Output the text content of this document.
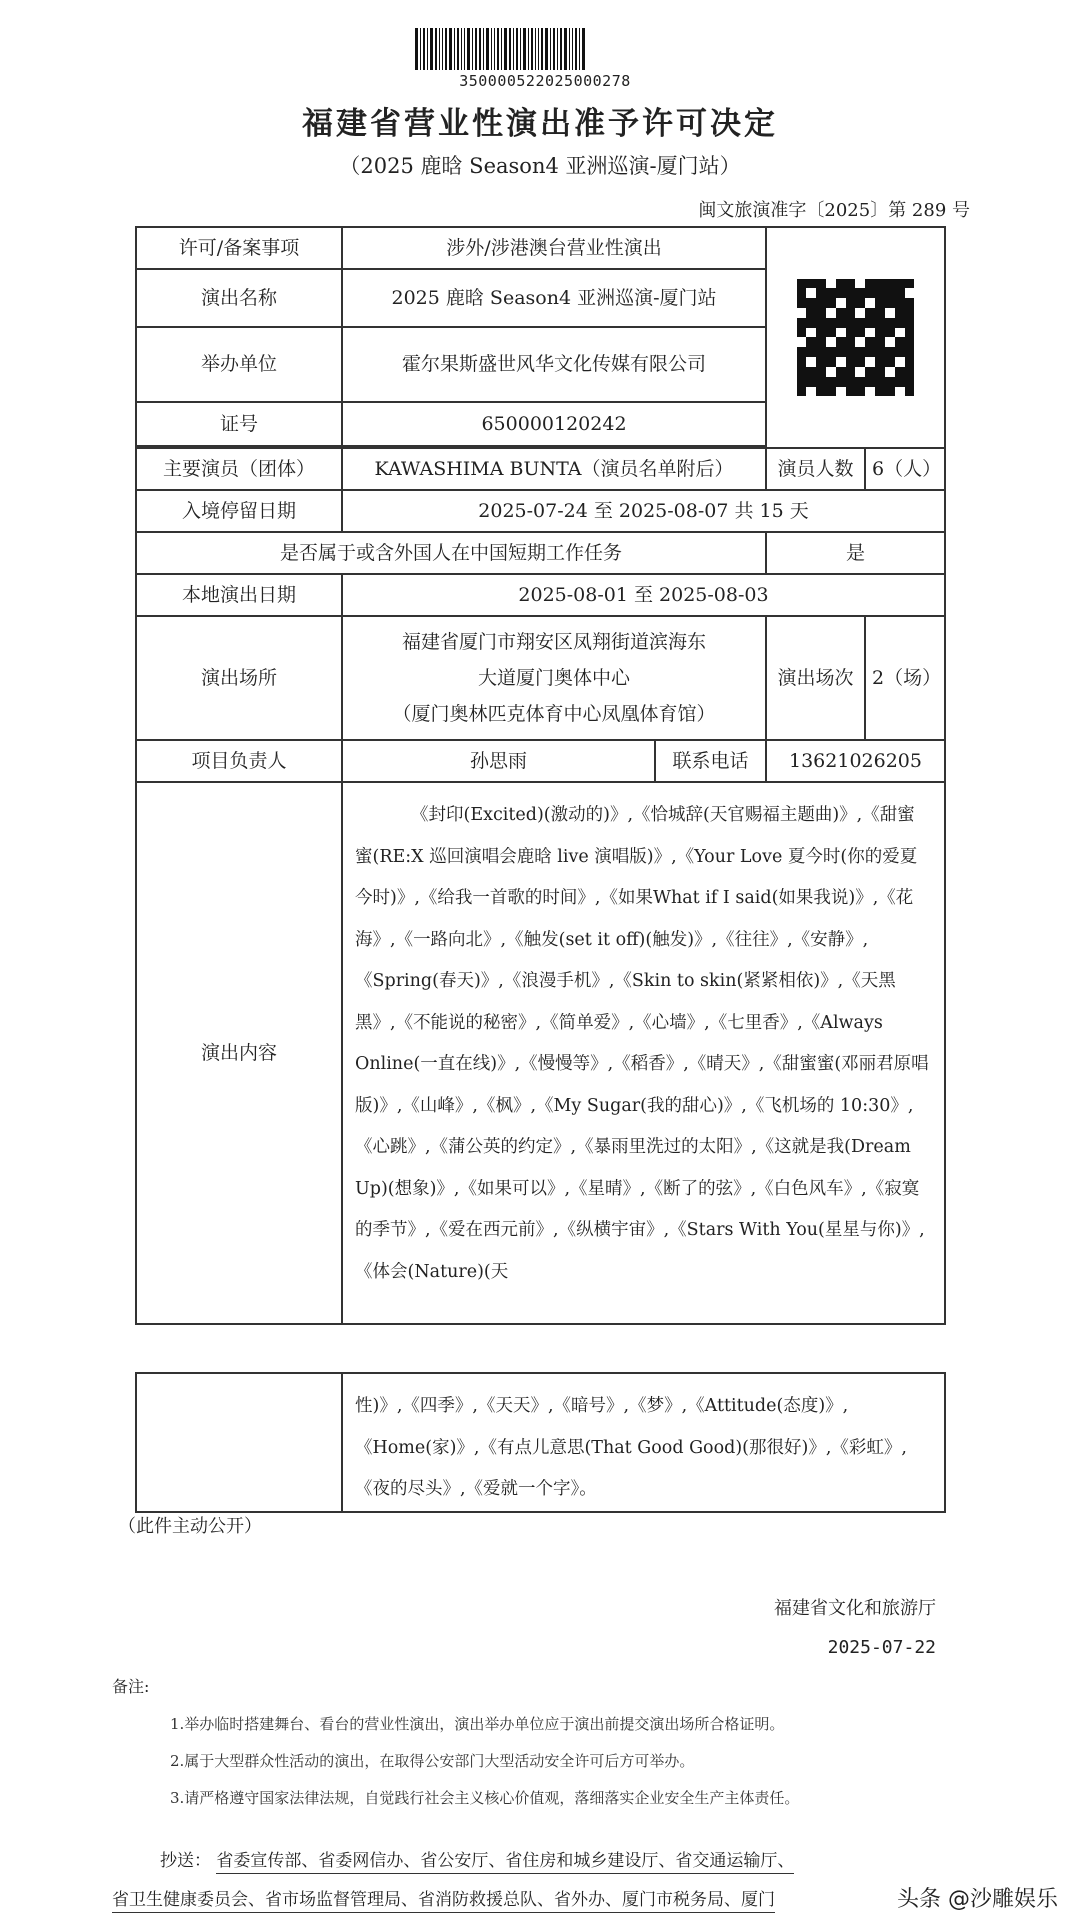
350000522025000278
福建省营业性演出准予许可决定
（2025 鹿晗 Season4 亚洲巡演-厦门站）
闽文旅演准字〔2025〕第 289 号
许可/备案事项	涉外/涉港澳台营业性演出			

演出名称	2025 鹿晗 Season4 亚洲巡演-厦门站			
举办单位	霍尔果斯盛世风华文化传媒有限公司			
证号	650000120242			

主要演员（团体）	KAWASHIMA BUNTA（演员名单附后）		演员人数	6（人）
入境停留日期	2025-07-24 至 2025-08-07 共 15 天			
是否属于或含外国人在中国短期工作任务			是	
本地演出日期	2025-08-01 至 2025-08-03			
演出场所	福建省厦门市翔安区凤翔街道滨海东
大道厦门奥体中心
（厦门奥林匹克体育中心凤凰体育馆）		演出场次	2（场）
项目负责人	孙思雨	联系电话	13621026205	
演出内容	《封印(Excited)(激动的)》,《恰城辞(天官赐福主题曲)》,《甜蜜蜜(RE:X 巡回演唱会鹿晗 live 演唱版)》,《Your Love 夏今时(你的爱夏今时)》,《给我一首歌的时间》,《如果What if I said(如果我说)》,《花海》,《一路向北》,《触发(set it off)(触发)》,《往往》,《安静》,《Spring(春天)》,《浪漫手机》,《Skin to skin(紧紧相依)》,《天黑黑》,《不能说的秘密》,《简单爱》,《心墙》,《七里香》,《Always Online(一直在线)》,《慢慢等》,《稻香》,《晴天》,《甜蜜蜜(邓丽君原唱版)》,《山峰》,《枫》,《My Sugar(我的甜心)》,《飞机场的 10:30》,《心跳》,《蒲公英的约定》,《暴雨里洗过的太阳》,《这就是我(Dream Up)(想象)》,《如果可以》,《星晴》,《断了的弦》,《白色风车》,《寂寞的季节》,《爱在西元前》,《纵横宇宙》,《Stars With You(星星与你)》,《体会(Nature)(天			
	性)》,《四季》,《天天》,《暗号》,《梦》,《Attitude(态度)》,《Home(家)》,《有点儿意思(That Good Good)(那很好)》,《彩虹》,《夜的尽头》,《爱就一个字》。
（此件主动公开）
福建省文化和旅游厅
2025-07-22
备注:
1.举办临时搭建舞台、看台的营业性演出，演出举办单位应于演出前提交演出场所合格证明。
2.属于大型群众性活动的演出，在取得公安部门大型活动安全许可后方可举办。
3.请严格遵守国家法律法规，自觉践行社会主义核心价值观，落细落实企业安全生产主体责任。
抄送： 省委宣传部、省委网信办、省公安厅、省住房和城乡建设厅、省交通运输厅、
省卫生健康委员会、省市场监督管理局、省消防救援总队、省外办、厦门市税务局、厦门	头条 @沙雕娱乐
